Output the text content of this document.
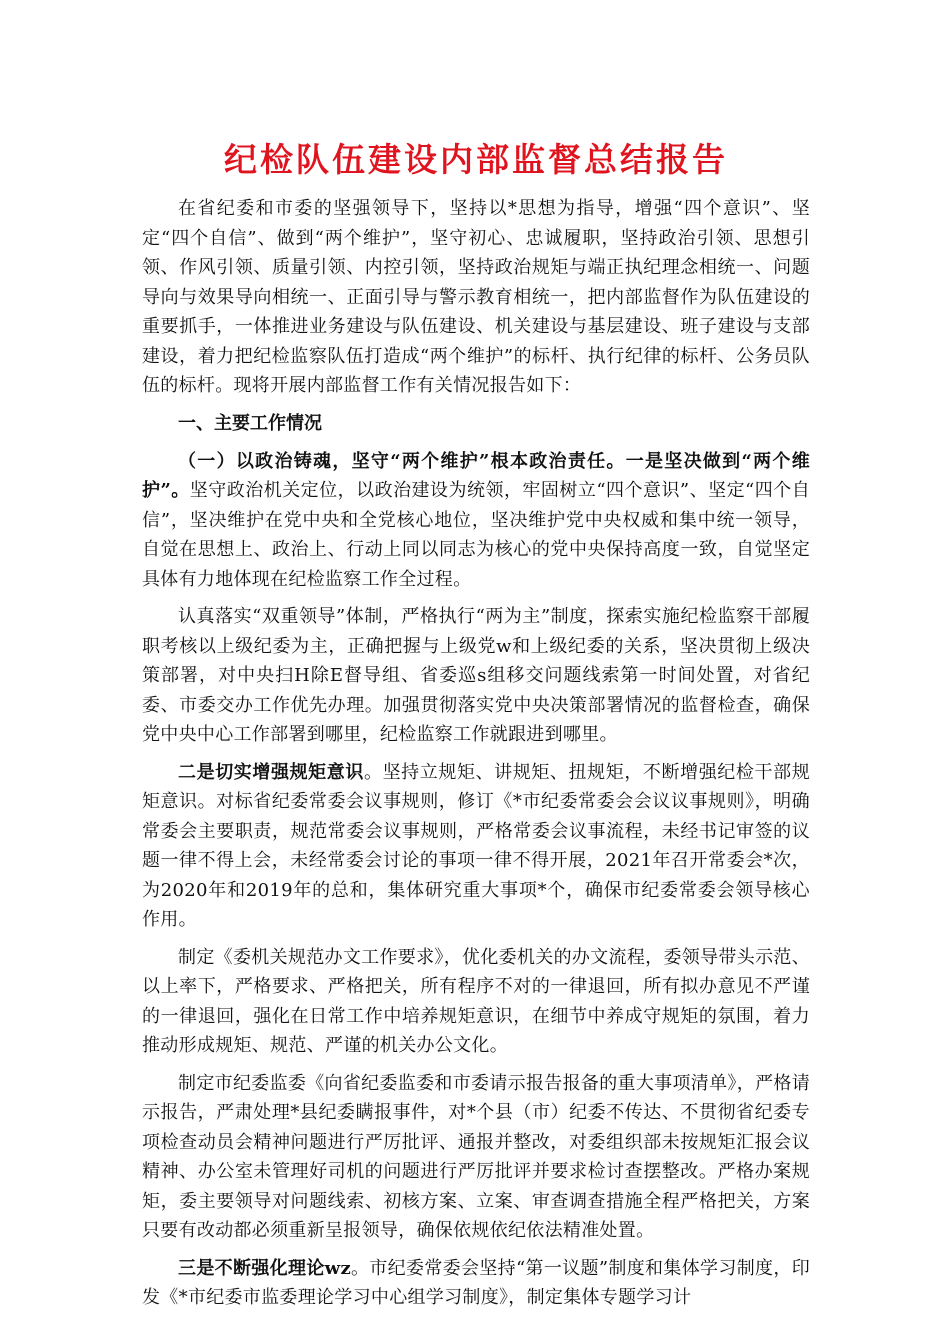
纪检队伍建设内部监督总结报告

在省纪委和市委的坚强领导下，坚持以*思想为指导，增强“四个意识”、坚定“四个自信”、做到“两个维护”，坚守初心、忠诚履职，坚持政治引领、思想引领、作风引领、质量引领、内控引领，坚持政治规矩与端正执纪理念相统一、问题导向与效果导向相统一、正面引导与警示教育相统一，把内部监督作为队伍建设的重要抓手，一体推进业务建设与队伍建设、机关建设与基层建设、班子建设与支部建设，着力把纪检监察队伍打造成“两个维护”的标杆、执行纪律的标杆、公务员队伍的标杆。现将开展内部监督工作有关情况报告如下：

一、主要工作情况

（一）以政治铸魂，坚守“两个维护”根本政治责任。一是坚决做到“两个维护”。坚守政治机关定位，以政治建设为统领，牢固树立“四个意识”、坚定“四个自信”，坚决维护在党中央和全党核心地位，坚决维护党中央权威和集中统一领导，自觉在思想上、政治上、行动上同以同志为核心的党中央保持高度一致，自觉坚定具体有力地体现在纪检监察工作全过程。

认真落实“双重领导”体制，严格执行“两为主”制度，探索实施纪检监察干部履职考核以上级纪委为主，正确把握与上级党w和上级纪委的关系，坚决贯彻上级决策部署，对中央扫H除E督导组、省委巡s组移交问题线索第一时间处置，对省纪委、市委交办工作优先办理。加强贯彻落实党中央决策部署情况的监督检查，确保党中央中心工作部署到哪里，纪检监察工作就跟进到哪里。

二是切实增强规矩意识。坚持立规矩、讲规矩、扭规矩，不断增强纪检干部规矩意识。对标省纪委常委会议事规则，修订《*市纪委常委会会议议事规则》，明确常委会主要职责，规范常委会议事规则，严格常委会议事流程，未经书记审签的议题一律不得上会，未经常委会讨论的事项一律不得开展，2021年召开常委会*次，为2020年和2019年的总和，集体研究重大事项*个，确保市纪委常委会领导核心作用。

制定《委机关规范办文工作要求》，优化委机关的办文流程，委领导带头示范、以上率下，严格要求、严格把关，所有程序不对的一律退回，所有拟办意见不严谨的一律退回，强化在日常工作中培养规矩意识，在细节中养成守规矩的氛围，着力推动形成规矩、规范、严谨的机关办公文化。

制定市纪委监委《向省纪委监委和市委请示报告报备的重大事项清单》，严格请示报告，严肃处理*县纪委瞒报事件，对*个县（市）纪委不传达、不贯彻省纪委专项检查动员会精神问题进行严厉批评、通报并整改，对委组织部未按规矩汇报会议精神、办公室未管理好司机的问题进行严厉批评并要求检讨查摆整改。严格办案规矩，委主要领导对问题线索、初核方案、立案、审查调查措施全程严格把关，方案只要有改动都必须重新呈报领导，确保依规依纪依法精准处置。

三是不断强化理论wz。市纪委常委会坚持“第一议题”制度和集体学习制度，印发《*市纪委市监委理论学习中心组学习制度》，制定集体专题学习计
